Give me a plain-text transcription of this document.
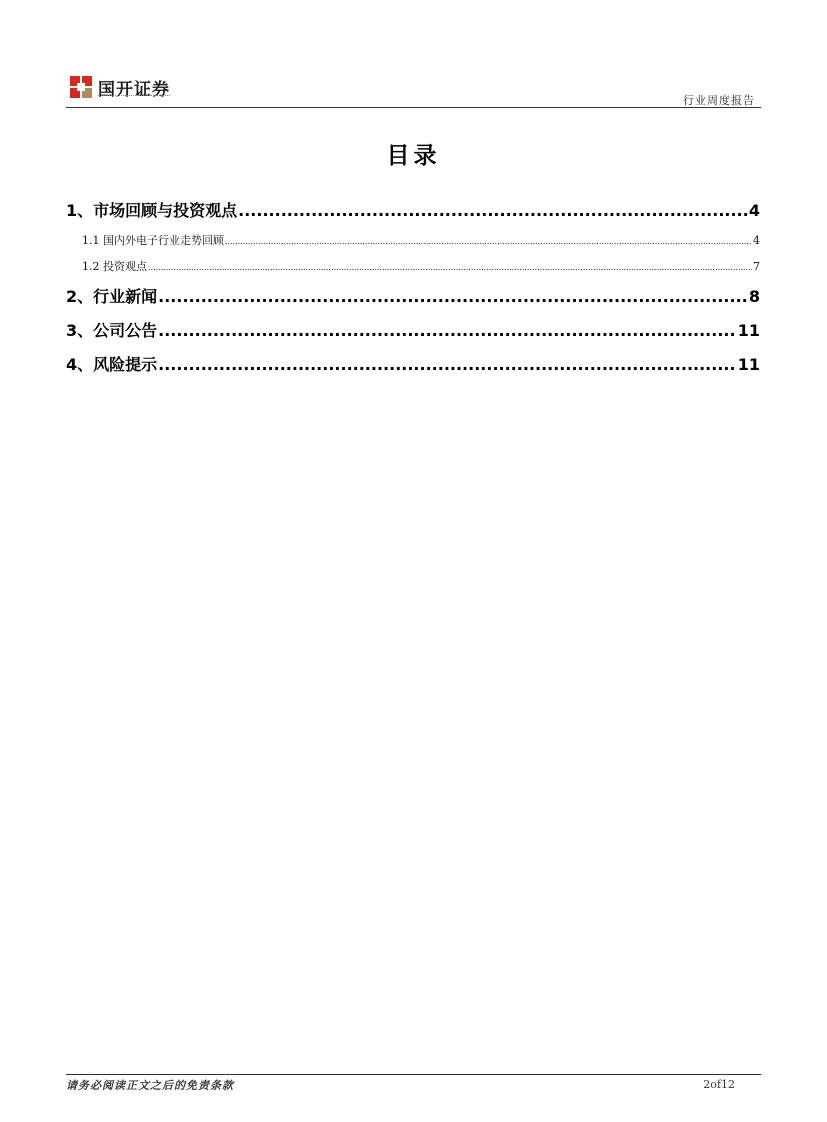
国开证券
行业周度报告
目录
1、市场回顾与投资观点 .....	4
1.1 国内外电子行业走势回顾 .....	4
1.2 投资观点 .....	7
2、行业新闻 .....	8
3、公司公告 .....	11
4、风险提示 .....	11
请务必阅读正文之后的免责条款	2of12
